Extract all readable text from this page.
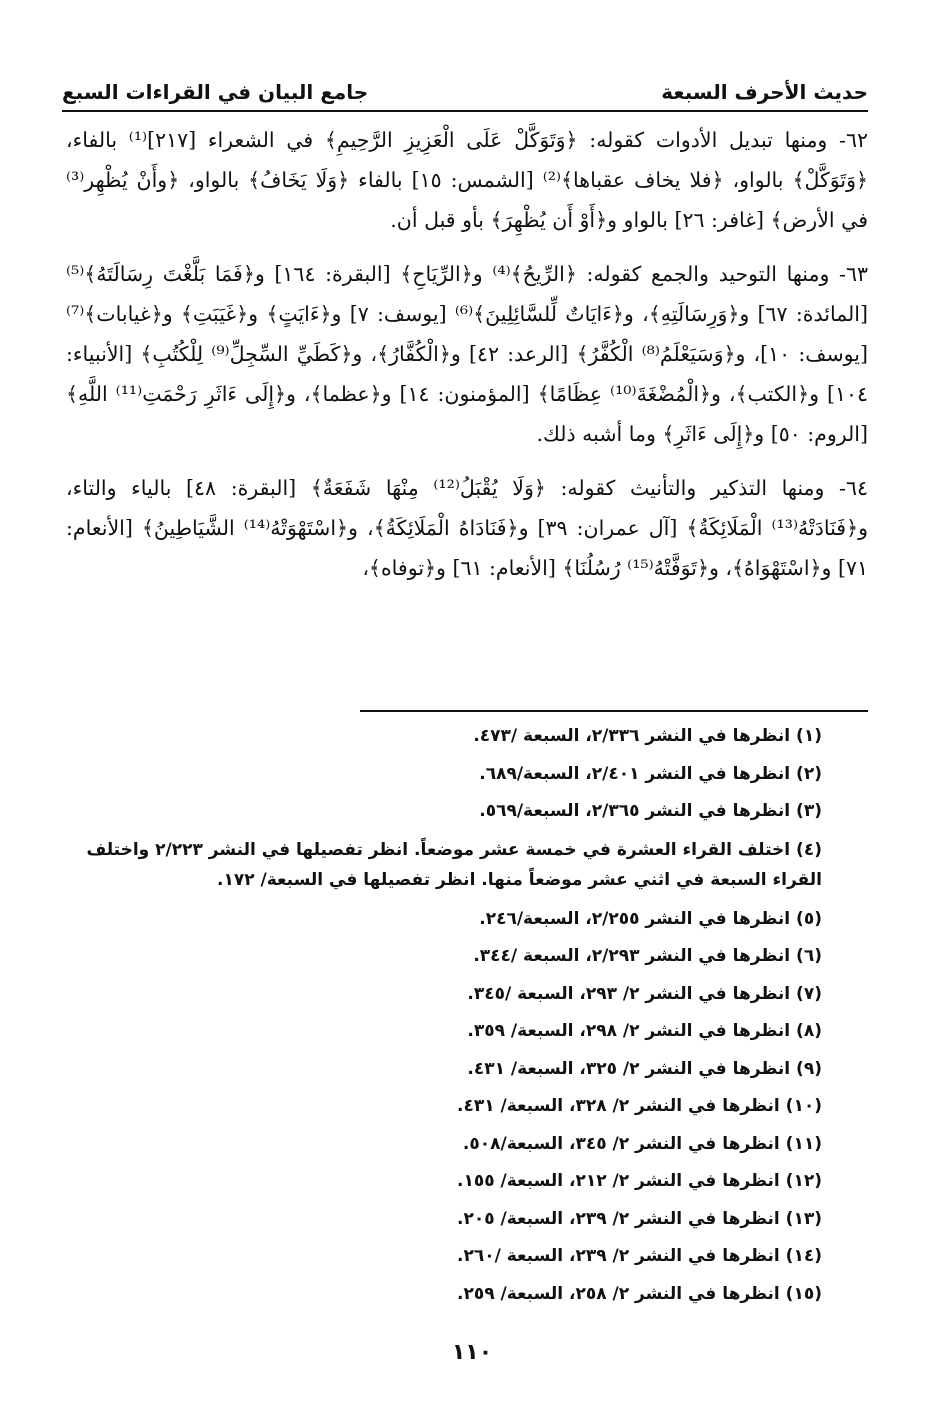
حديث الأحرف السبعة
جامع البيان في القراءات السبع

٦٢- ومنها تبديل الأدوات كقوله: ﴿وَتَوَكَّلْ عَلَى الْعَزِيزِ الرَّحِيمِ﴾ في الشعراء [٢١٧]⁽¹⁾ بالفاء، ﴿وَتَوَكَّلْ﴾ بالواو، ﴿فلا يخاف عقباها﴾⁽²⁾ [الشمس: ١٥] بالفاء ﴿وَلَا يَخَافُ﴾ بالواو، ﴿وأَنْ يُظْهِر⁽³⁾ في الأرض﴾ [غافر: ٢٦] بالواو و﴿أَوْ أَن يُظْهِرَ﴾ بأو قبل أن.

٦٣- ومنها التوحيد والجمع كقوله: ﴿الرِّيحُ﴾⁽⁴⁾ و﴿الرِّيَاحِ﴾ [البقرة: ١٦٤] و﴿فَمَا بَلَّغْتَ رِسَالَتَهُ﴾⁽⁵⁾ [المائدة: ٦٧] و﴿وَرِسَالَتِهِ﴾، و﴿ءَايَاتٌ لِّلسَّائِلِينَ﴾⁽⁶⁾ [يوسف: ٧] و﴿ءَايَتٍ﴾ و﴿غَيَبَتِ﴾ و﴿غيابات﴾⁽⁷⁾ [يوسف: ١٠]، و﴿وَسَيَعْلَمُ⁽⁸⁾ الْكُفَّرُ﴾ [الرعد: ٤٢] و﴿الْكُفَّارُ﴾، و﴿كَطَيِّ السِّجِلِّ⁽⁹⁾ لِلْكُتُبِ﴾ [الأنبياء: ١٠٤] و﴿الكتب﴾، و﴿الْمُضْغَةَ⁽¹⁰⁾ عِظَامًا﴾ [المؤمنون: ١٤] و﴿عظما﴾، و﴿إِلَى ءَاثَرِ رَحْمَتِ⁽¹¹⁾ اللَّهِ﴾ [الروم: ٥٠] و﴿إِلَى ءَاثَرِ﴾ وما أشبه ذلك.

٦٤- ومنها التذكير والتأنيث كقوله: ﴿وَلَا يُقْبَلُ⁽¹²⁾ مِنْهَا شَفَعَةٌ﴾ [البقرة: ٤٨] بالياء والتاء، و﴿فَنَادَتْهُ⁽¹³⁾ الْمَلَائِكَةُ﴾ [آل عمران: ٣٩] و﴿فَنَادَاهُ الْمَلَائِكَةُ﴾، و﴿اسْتَهْوَتْهُ⁽¹⁴⁾ الشَّيَاطِينُ﴾ [الأنعام: ٧١] و﴿اسْتَهْوَاهُ﴾، و﴿تَوَفَّتْهُ⁽¹⁵⁾ رُسُلُنَا﴾ [الأنعام: ٦١] و﴿توفاه﴾،

(١) انظرها في النشر ٢/٣٣٦، السبعة /٤٧٣.

(٢) انظرها في النشر ٢/٤٠١، السبعة/٦٨٩.

(٣) انظرها في النشر ٢/٣٦٥، السبعة/٥٦٩.

(٤) اختلف القراء العشرة في خمسة عشر موضعاً. انظر تفصيلها في النشر ٢/٢٢٣ واختلف القراء السبعة في اثني عشر موضعاً منها. انظر تفصيلها في السبعة/ ١٧٢.

(٥) انظرها في النشر ٢/٢٥٥، السبعة/٢٤٦.

(٦) انظرها في النشر ٢/٢٩٣، السبعة /٣٤٤.

(٧) انظرها في النشر ٢/ ٢٩٣، السبعة /٣٤٥.

(٨) انظرها في النشر ٢/ ٢٩٨، السبعة/ ٣٥٩.

(٩) انظرها في النشر ٢/ ٣٢٥، السبعة/ ٤٣١.

(١٠) انظرها في النشر ٢/ ٣٢٨، السبعة/ ٤٣١.

(١١) انظرها في النشر ٢/ ٣٤٥، السبعة/٥٠٨.

(١٢) انظرها في النشر ٢/ ٢١٢، السبعة/ ١٥٥.

(١٣) انظرها في النشر ٢/ ٢٣٩، السبعة/ ٢٠٥.

(١٤) انظرها في النشر ٢/ ٢٣٩، السبعة /٢٦٠.

(١٥) انظرها في النشر ٢/ ٢٥٨، السبعة/ ٢٥٩.

١١٠
